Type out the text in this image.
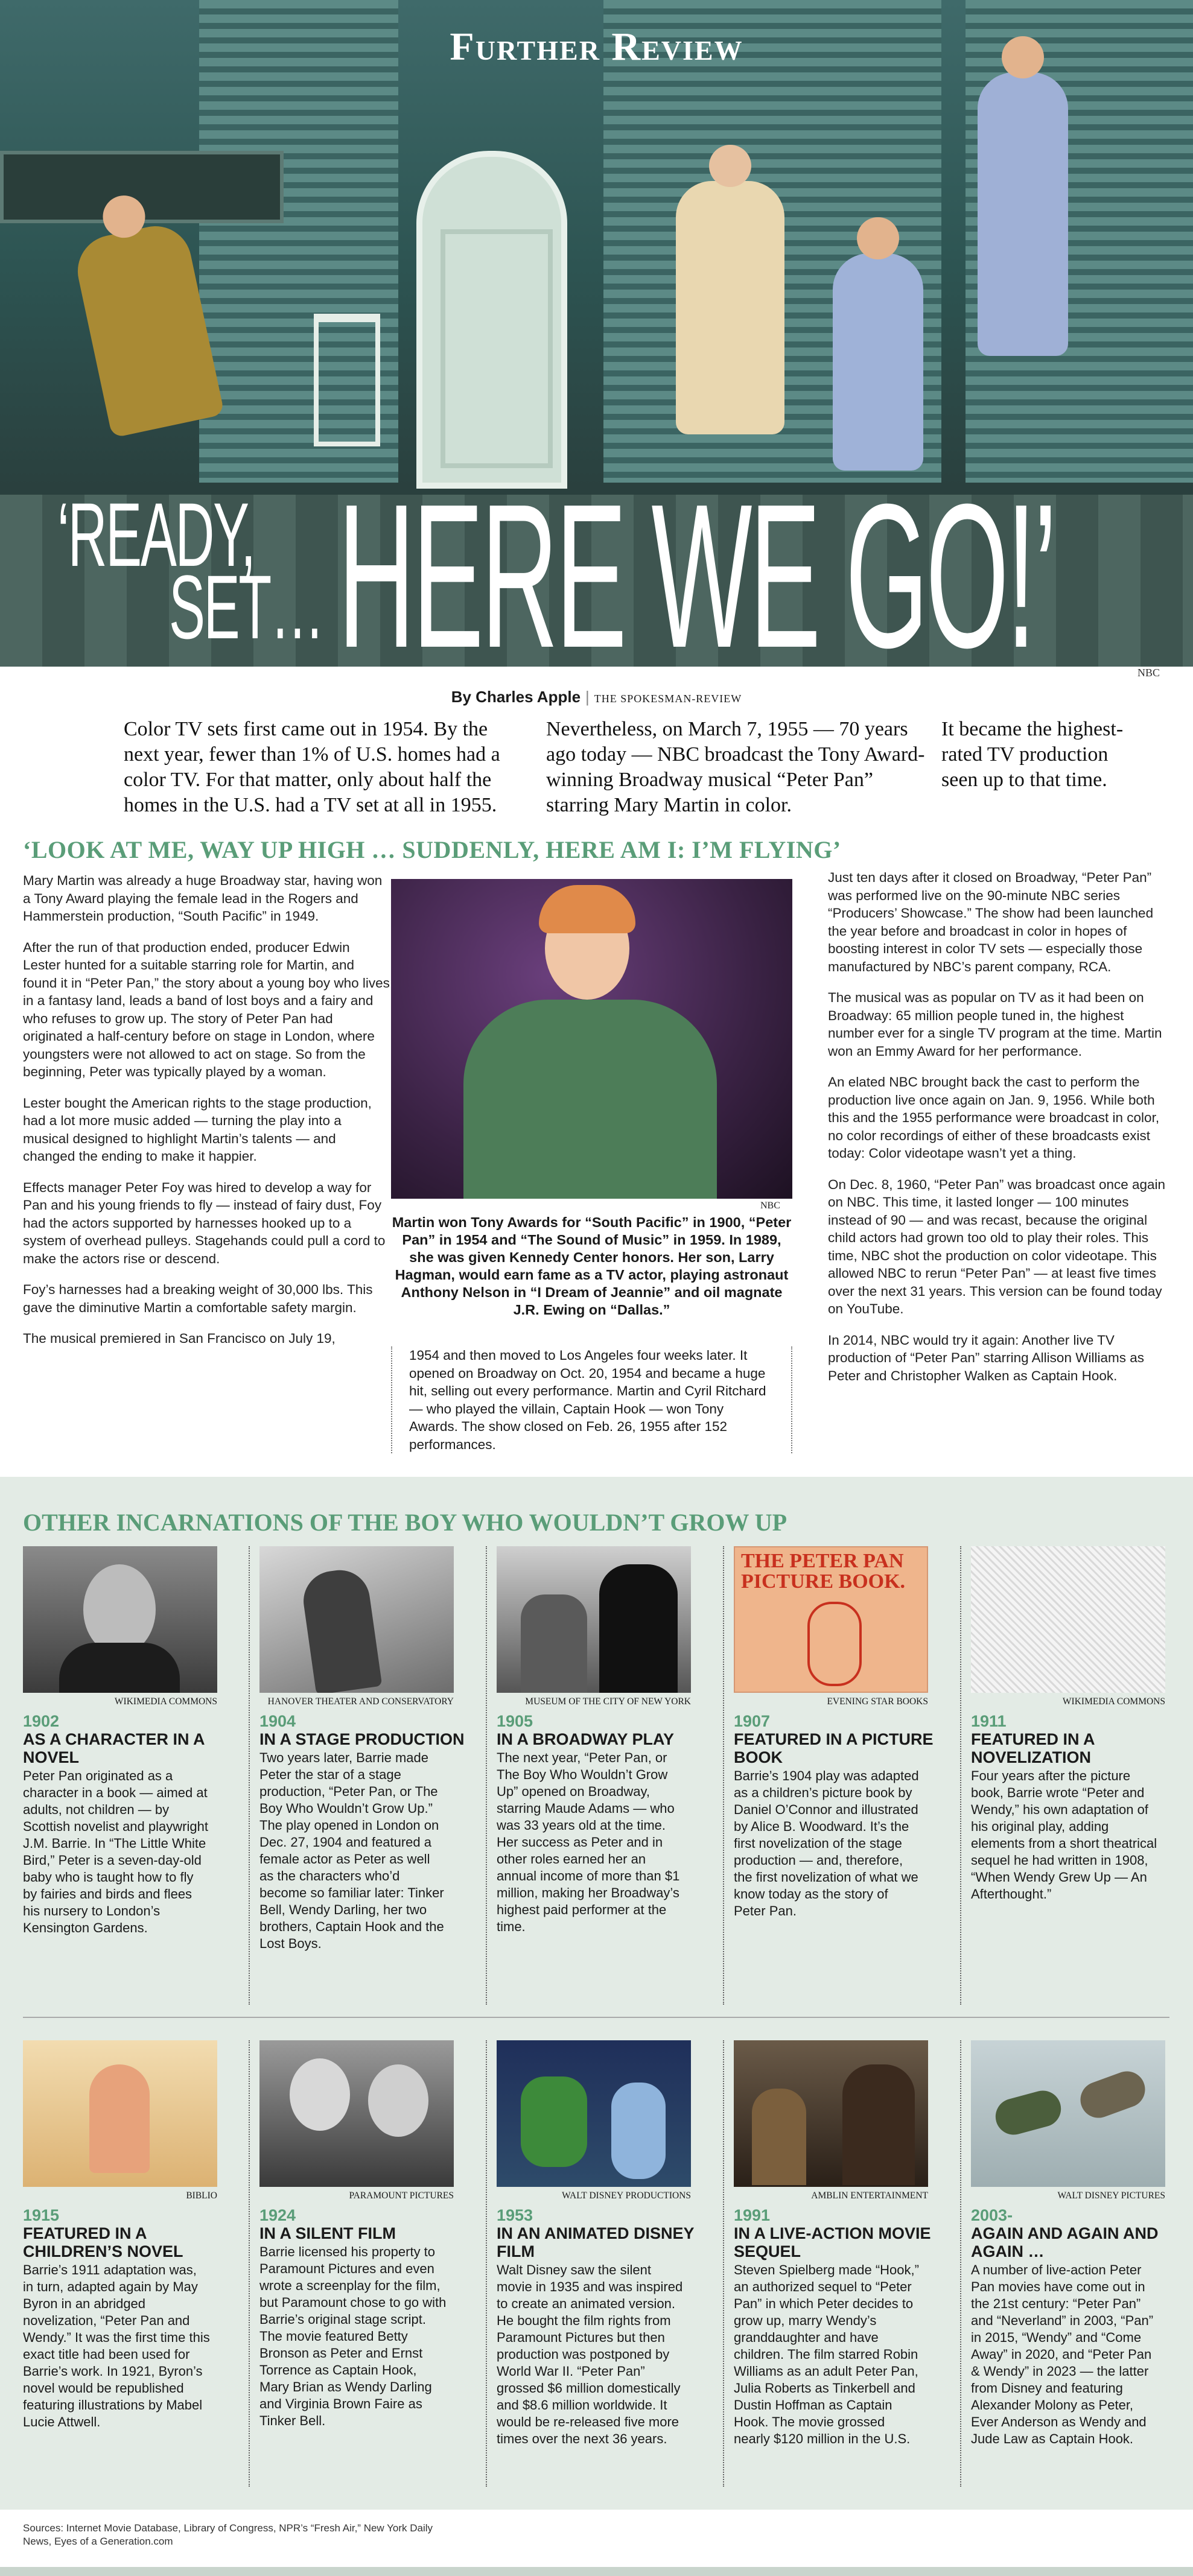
Further Review
‘READY,
SET… HERE WE GO!’	NBC
By Charles Apple | THE SPOKESMAN-REVIEW
Color TV sets first came out in 1954. By the next year, fewer than 1% of U.S. homes had a color TV. For that matter, only about half the homes in the U.S. had a TV set at all in 1955.
Nevertheless, on March 7, 1955 — 70 years ago today — NBC broadcast the Tony Award-winning Broadway musical “Peter Pan” starring Mary Martin in color.
It became the highest-rated TV production seen up to that time.
‘LOOK AT ME, WAY UP HIGH … SUDDENLY, HERE AM I: I’M FLYING’

Mary Martin was already a huge Broadway star, having won a Tony Award playing the female lead in the Rogers and Hammerstein production, “South Pacific” in 1949.

After the run of that production ended, producer Edwin Lester hunted for a suitable starring role for Martin, and found it in “Peter Pan,” the story about a young boy who lives in a fantasy land, leads a band of lost boys and a fairy and who refuses to grow up. The story of Peter Pan had originated a half-century before on stage in London, where youngsters were not allowed to act on stage. So from the beginning, Peter was typically played by a woman.

Lester bought the American rights to the stage production, had a lot more music added — turning the play into a musical designed to highlight Martin’s talents — and changed the ending to make it happier.

Effects manager Peter Foy was hired to develop a way for Pan and his young friends to fly — instead of fairy dust, Foy had the actors supported by harnesses hooked up to a system of overhead pulleys. Stagehands could pull a cord to make the actors rise or descend.

Foy’s harnesses had a breaking weight of 30,000 lbs. This gave the diminutive Martin a comfortable safety margin.

The musical premiered in San Francisco on July 19,

NBC
Martin won Tony Awards for “South Pacific” in 1900, “Peter Pan” in 1954 and “The Sound of Music” in 1959. In 1989, she was given Kennedy Center honors. Her son, Larry Hagman, would earn fame as a TV actor, playing astronaut Anthony Nelson in “I Dream of Jeannie” and oil magnate J.R. Ewing on “Dallas.”
1954 and then moved to Los Angeles four weeks later. It opened on Broadway on Oct. 20, 1954 and became a huge hit, selling out every performance. Martin and Cyril Ritchard — who played the villain, Captain Hook — won Tony Awards. The show closed on Feb. 26, 1955 after 152 performances.

Just ten days after it closed on Broadway, “Peter Pan” was performed live on the 90-minute NBC series “Producers’ Showcase.” The show had been launched the year before and broadcast in color in hopes of boosting interest in color TV sets — especially those manufactured by NBC’s parent company, RCA.

The musical was as popular on TV as it had been on Broadway: 65 million people tuned in, the highest number ever for a single TV program at the time. Martin won an Emmy Award for her performance.

An elated NBC brought back the cast to perform the production live once again on Jan. 9, 1956. While both this and the 1955 performance were broadcast in color, no color recordings of either of these broadcasts exist today: Color videotape wasn’t yet a thing.

On Dec. 8, 1960, “Peter Pan” was broadcast once again on NBC. This time, it lasted longer — 100 minutes instead of 90 — and was recast, because the original child actors had grown too old to play their roles. This time, NBC shot the production on color videotape. This allowed NBC to rerun “Peter Pan” — at least five times over the next 31 years. This version can be found today on YouTube.

In 2014, NBC would try it again: Another live TV production of “Peter Pan” starring Allison Williams as Peter and Christopher Walken as Captain Hook.

OTHER INCARNATIONS OF THE BOY WHO WOULDN’T GROW UP
WIKIMEDIA COMMONS
1902
AS A CHARACTER IN A NOVEL
Peter Pan originated as a character in a book — aimed at adults, not children — by Scottish novelist and playwright J.M. Barrie. In “The Little White Bird,” Peter is a seven-day-old baby who is taught how to fly by fairies and birds and flees his nursery to London’s Kensington Gardens.
HANOVER THEATER AND CONSERVATORY
1904
IN A STAGE PRODUCTION
Two years later, Barrie made Peter the star of a stage production, “Peter Pan, or The Boy Who Wouldn’t Grow Up.” The play opened in London on Dec. 27, 1904 and featured a female actor as Peter as well as the characters who’d become so familiar later: Tinker Bell, Wendy Darling, her two brothers, Captain Hook and the Lost Boys.
MUSEUM OF THE CITY OF NEW YORK
1905
IN A BROADWAY PLAY
The next year, “Peter Pan, or The Boy Who Wouldn’t Grow Up” opened on Broadway, starring Maude Adams — who was 33 years old at the time. Her success as Peter and in other roles earned her an annual income of more than $1 million, making her Broadway’s highest paid performer at the time.
THE PETER PAN PICTURE BOOK.
EVENING STAR BOOKS
1907
FEATURED IN A PICTURE BOOK
Barrie’s 1904 play was adapted as a children’s picture book by Daniel O’Connor and illustrated by Alice B. Woodward. It’s the first novelization of the stage production — and, therefore, the first novelization of what we know today as the story of Peter Pan.
WIKIMEDIA COMMONS
1911
FEATURED IN A NOVELIZATION
Four years after the picture book, Barrie wrote “Peter and Wendy,” his own adaptation of his original play, adding elements from a short theatrical sequel he had written in 1908, “When Wendy Grew Up — An Afterthought.”
BIBLIO
1915
FEATURED IN A CHILDREN’S NOVEL
Barrie’s 1911 adaptation was, in turn, adapted again by May Byron in an abridged novelization, “Peter Pan and Wendy.” It was the first time this exact title had been used for Barrie’s work. In 1921, Byron’s novel would be republished featuring illustrations by Mabel Lucie Attwell.
PARAMOUNT PICTURES
1924
IN A SILENT FILM
Barrie licensed his property to Paramount Pictures and even wrote a screenplay for the film, but Paramount chose to go with Barrie’s original stage script. The movie featured Betty Bronson as Peter and Ernst Torrence as Captain Hook, Mary Brian as Wendy Darling and Virginia Brown Faire as Tinker Bell.
WALT DISNEY PRODUCTIONS
1953
IN AN ANIMATED DISNEY FILM
Walt Disney saw the silent movie in 1935 and was inspired to create an animated version. He bought the film rights from Paramount Pictures but then production was postponed by World War II. “Peter Pan” grossed $6 million domestically and $8.6 million worldwide. It would be re-released five more times over the next 36 years.
AMBLIN ENTERTAINMENT
1991
IN A LIVE-ACTION MOVIE SEQUEL
Steven Spielberg made “Hook,” an authorized sequel to “Peter Pan” in which Peter decides to grow up, marry Wendy’s granddaughter and have children. The film starred Robin Williams as an adult Peter Pan, Julia Roberts as Tinkerbell and Dustin Hoffman as Captain Hook. The movie grossed nearly $120 million in the U.S.
WALT DISNEY PICTURES
2003-
AGAIN AND AGAIN AND AGAIN …
A number of live-action Peter Pan movies have come out in the 21st century: “Peter Pan” and “Neverland” in 2003, “Pan” in 2015, “Wendy” and “Come Away” in 2020, and “Peter Pan & Wendy” in 2023 — the latter from Disney and featuring Alexander Molony as Peter, Ever Anderson as Wendy and Jude Law as Captain Hook.
Sources: Internet Movie Database, Library of Congress, NPR’s “Fresh Air,” New York Daily News, Eyes of a Generation.com
